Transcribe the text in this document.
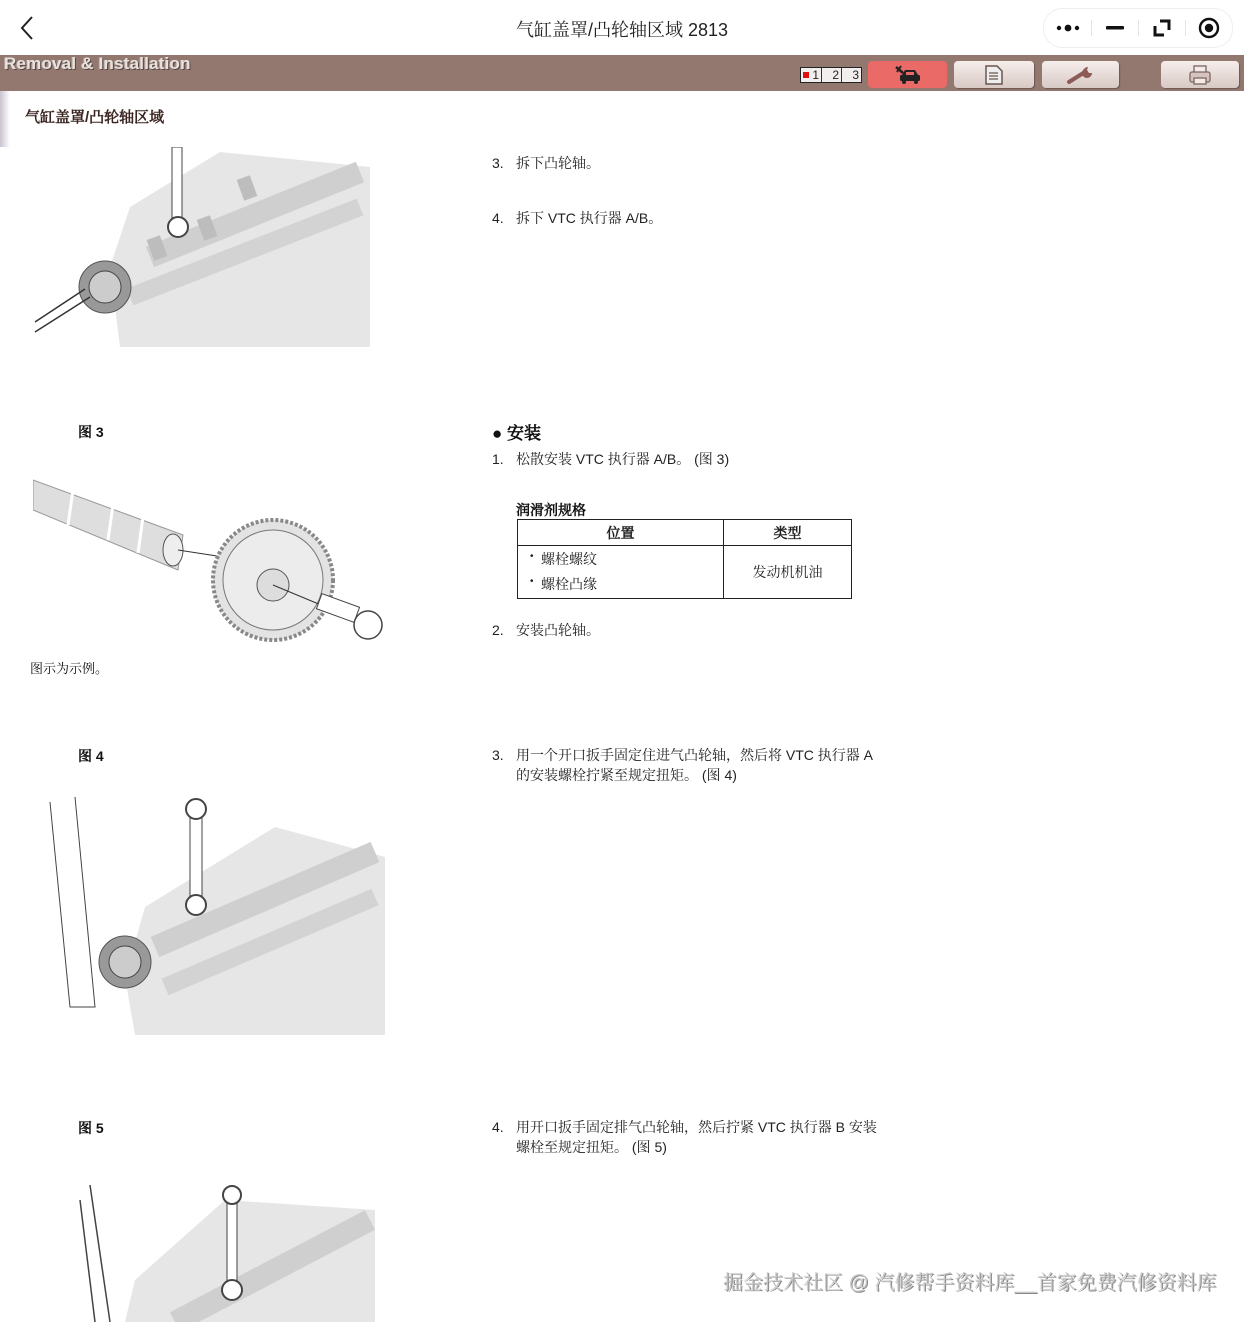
气缸盖罩/凸轮轴区域 2813
Removal & Installation
1	2	3
气缸盖罩/凸轮轴区域
图 3
图示为示例。
图 4
图 5
3. 拆下凸轮轴。
4. 拆下 VTC 执行器 A/B。
● 安装
1. 松散安装 VTC 执行器 A/B。 (图 3)
润滑剂规格
位置	类型

• 螺栓螺纹
• 螺栓凸缘	发动机机油
2. 安装凸轮轴。
3. 用一个开口扳手固定住进气凸轮轴，然后将 VTC 执行器 A
的安装螺栓拧紧至规定扭矩。 (图 4)
4. 用开口扳手固定排气凸轮轴，然后拧紧 VTC 执行器 B 安装
螺栓至规定扭矩。 (图 5)
掘金技术社区 @ 汽修帮手资料库__首家免费汽修资料库
